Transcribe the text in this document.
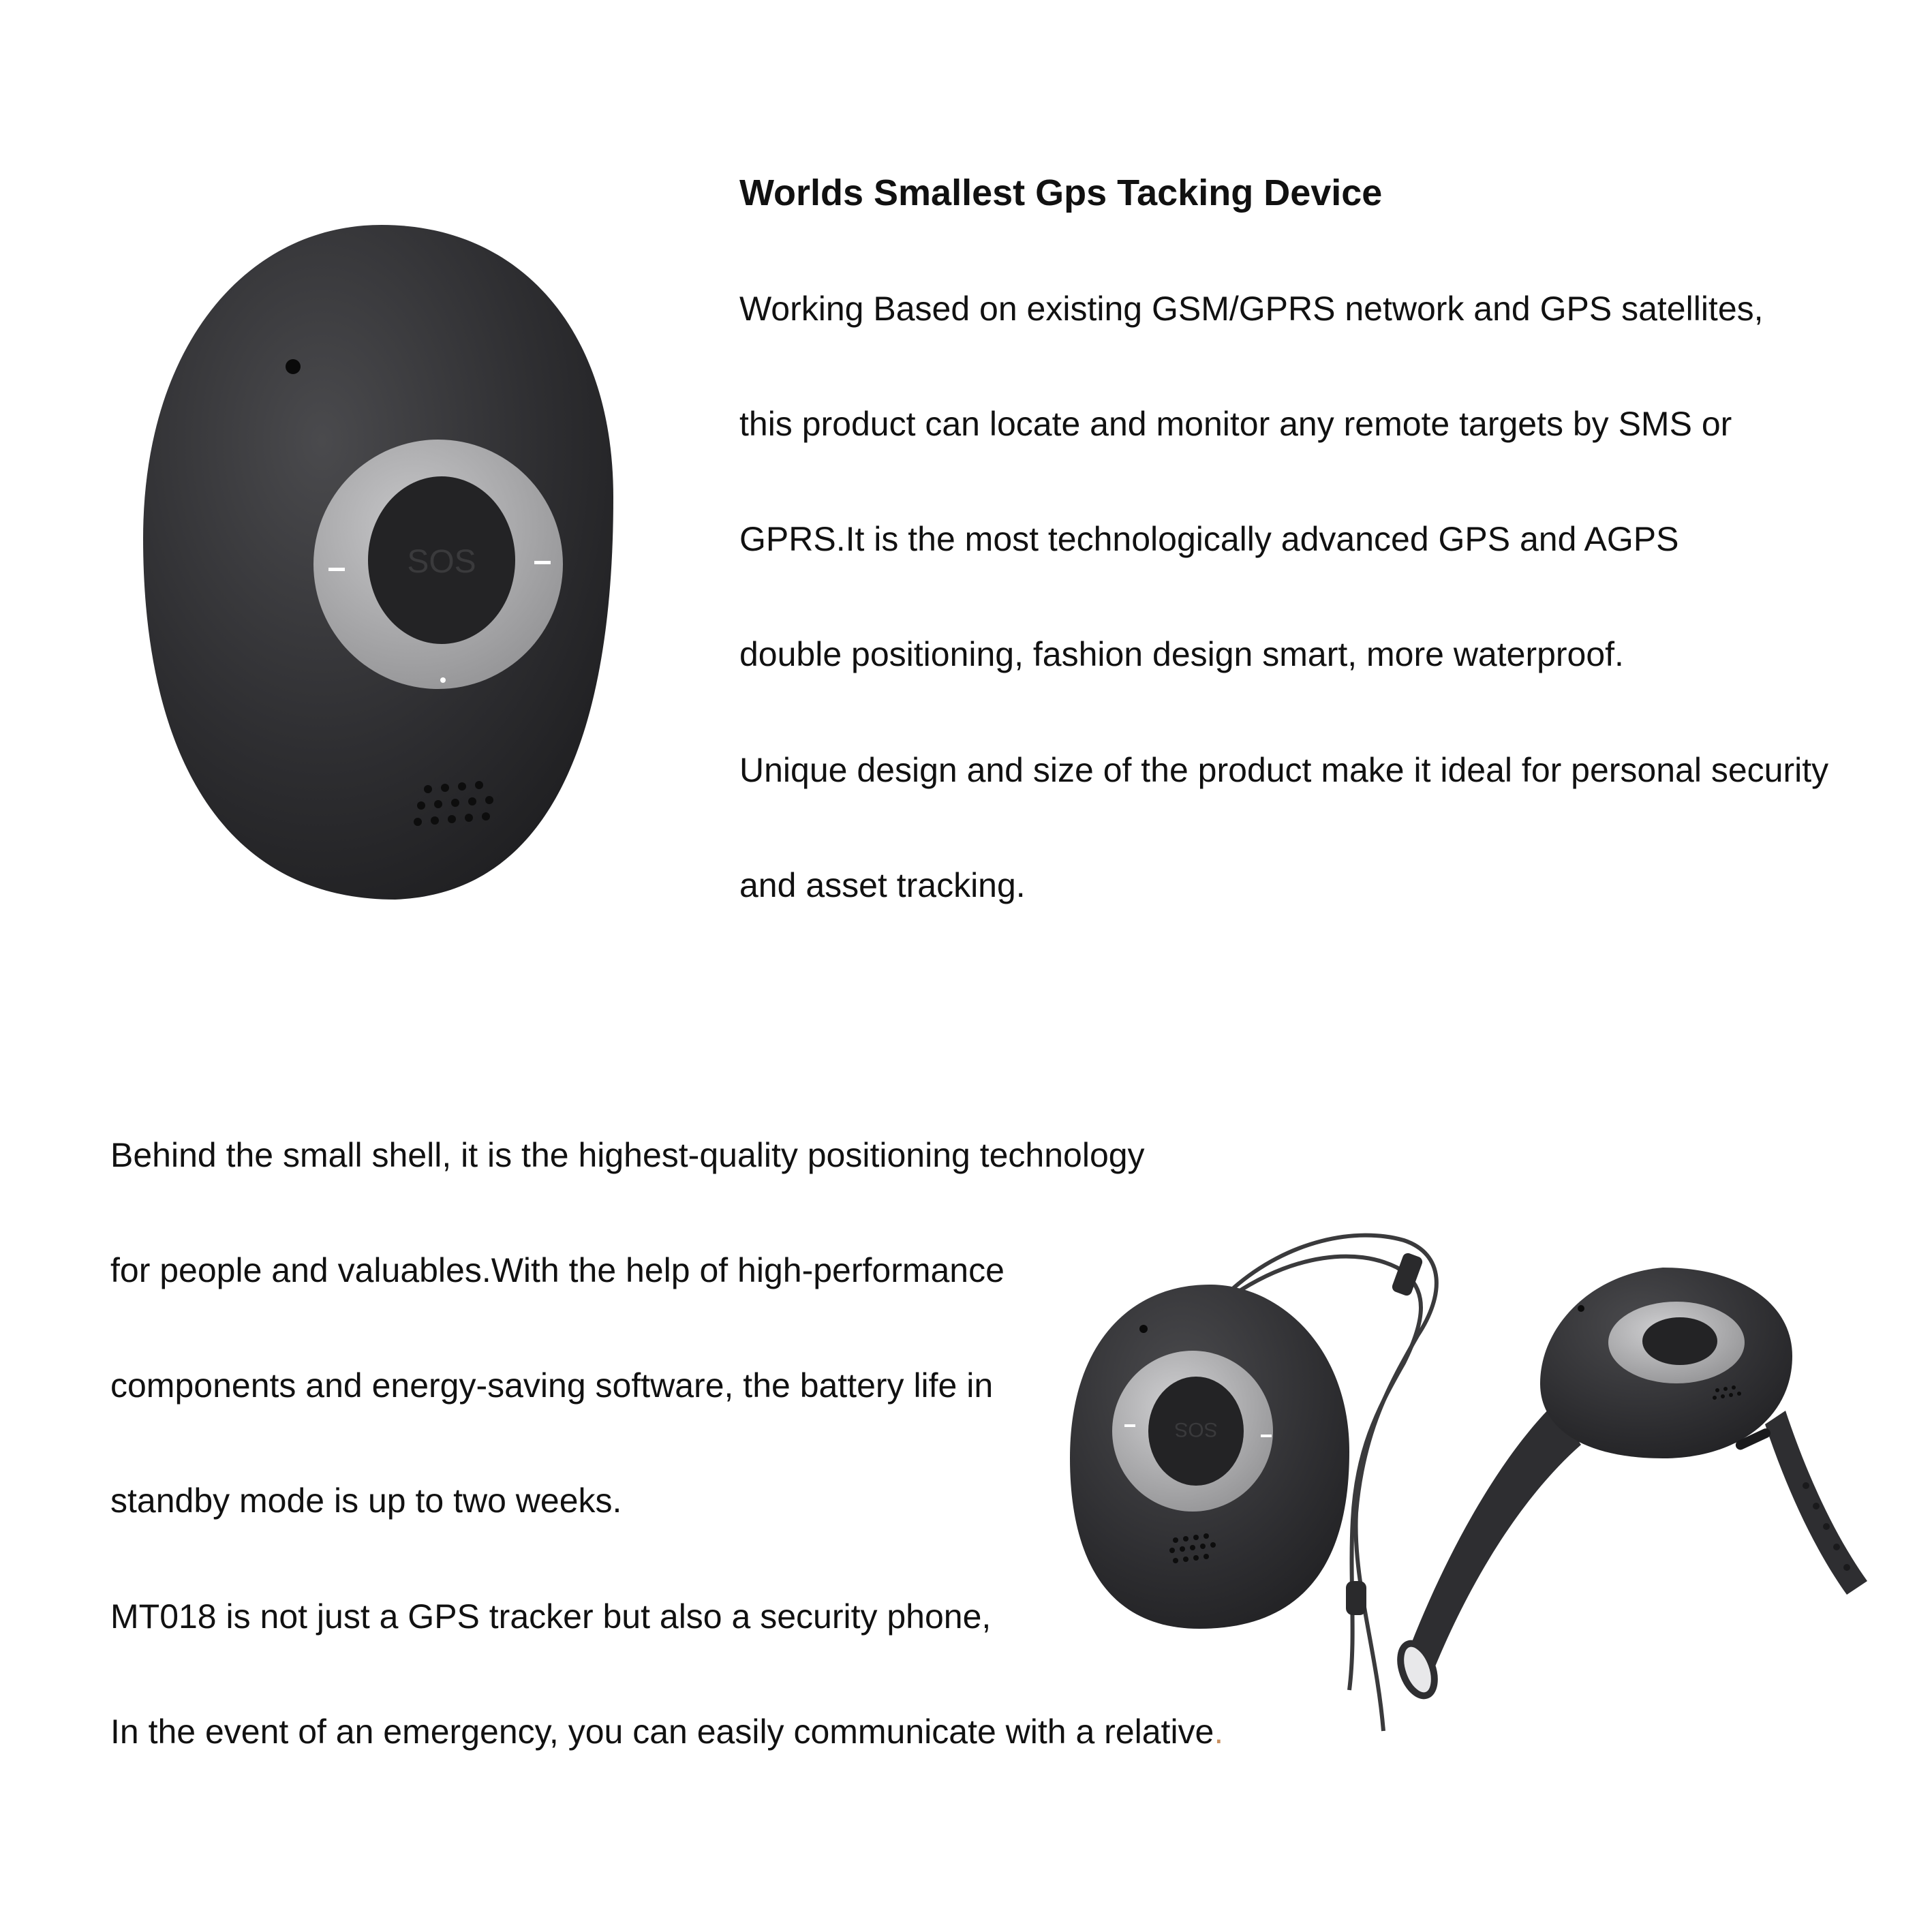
SOS
Worlds Smallest Gps Tacking Device
Working Based on existing GSM/GPRS network and GPS satellites,
this product can locate and monitor any remote targets by SMS or
GPRS.It is the most technologically advanced GPS and AGPS
double positioning, fashion design smart, more waterproof.
Unique design and size of the product make it ideal for personal security
and asset tracking.
Behind the small shell, it is the highest-quality positioning technology
for people and valuables.With the help of high-performance
components and energy-saving software, the battery life in
standby mode is up to two weeks.
MT018 is not just a GPS tracker but also a security phone,
In the event of an emergency, you can easily communicate with a relative.
SOS
